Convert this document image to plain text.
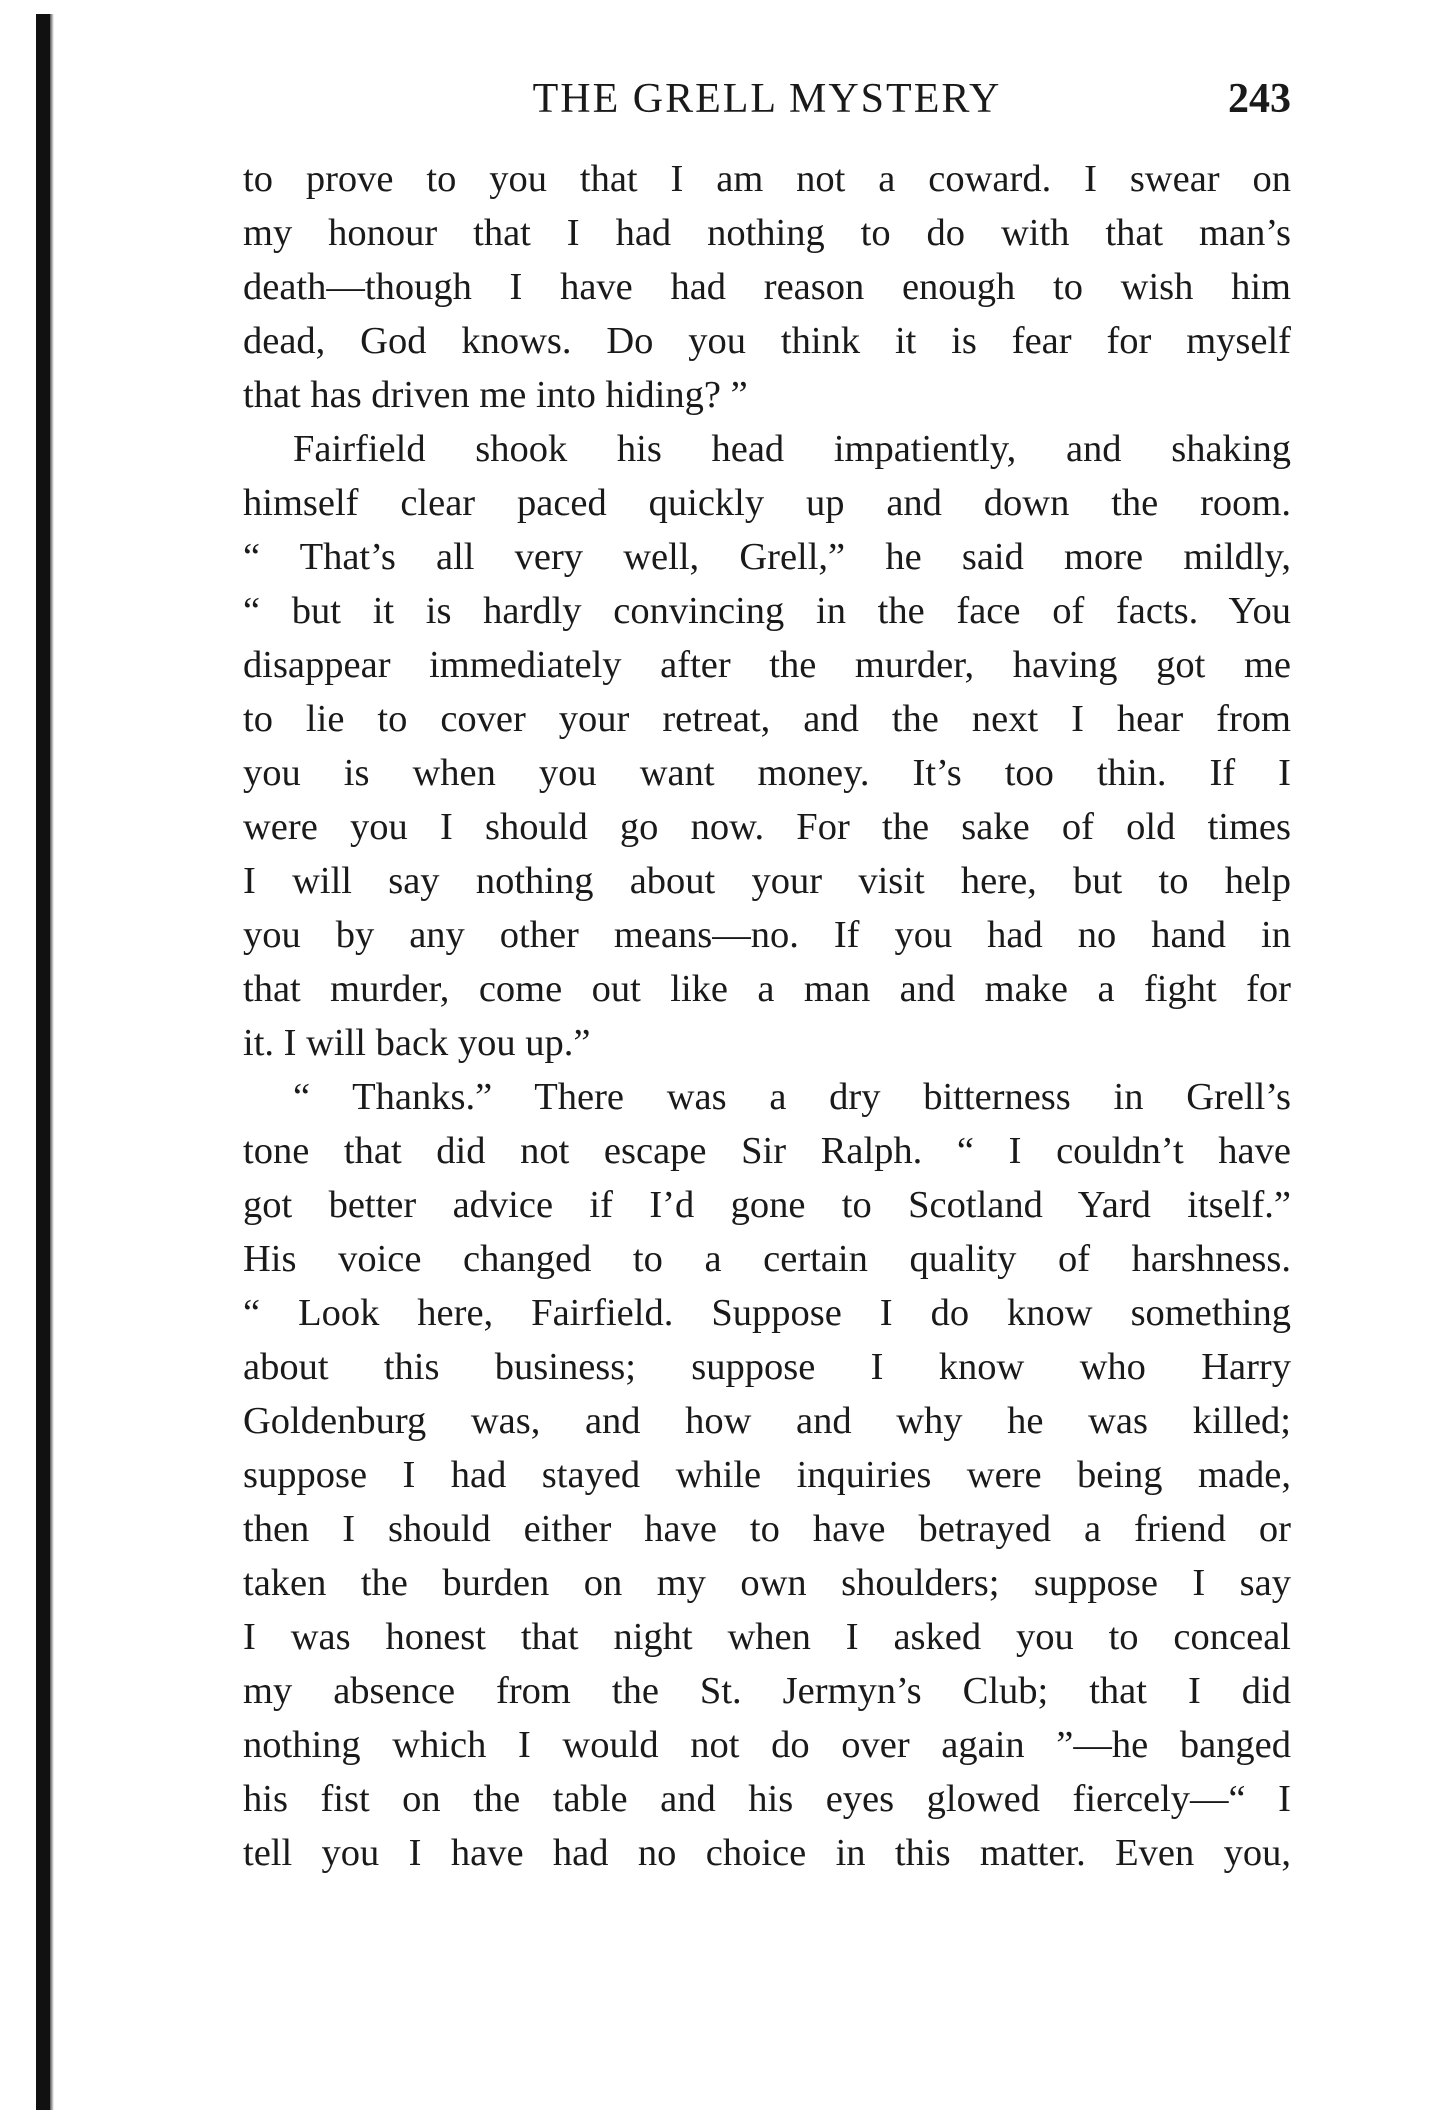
THE GRELL MYSTERY	243
to prove to you that I am not a coward. I swear on
my honour that I had nothing to do with that man’s
death—though I have had reason enough to wish him
dead, God knows. Do you think it is fear for myself
that has driven me into hiding? ”
Fairfield shook his head impatiently, and shaking
himself clear paced quickly up and down the room.
“ That’s all very well, Grell,” he said more mildly,
“ but it is hardly convincing in the face of facts. You
disappear immediately after the murder, having got me
to lie to cover your retreat, and the next I hear from
you is when you want money. It’s too thin. If I
were you I should go now. For the sake of old times
I will say nothing about your visit here, but to help
you by any other means—no. If you had no hand in
that murder, come out like a man and make a fight for
it. I will back you up.”
“ Thanks.” There was a dry bitterness in Grell’s
tone that did not escape Sir Ralph. “ I couldn’t have
got better advice if I’d gone to Scotland Yard itself.”
His voice changed to a certain quality of harshness.
“ Look here, Fairfield. Suppose I do know something
about this business; suppose I know who Harry
Goldenburg was, and how and why he was killed;
suppose I had stayed while inquiries were being made,
then I should either have to have betrayed a friend or
taken the burden on my own shoulders; suppose I say
I was honest that night when I asked you to conceal
my absence from the St. Jermyn’s Club; that I did
nothing which I would not do over again ”—he banged
his fist on the table and his eyes glowed fiercely—“ I
tell you I have had no choice in this matter. Even you,
